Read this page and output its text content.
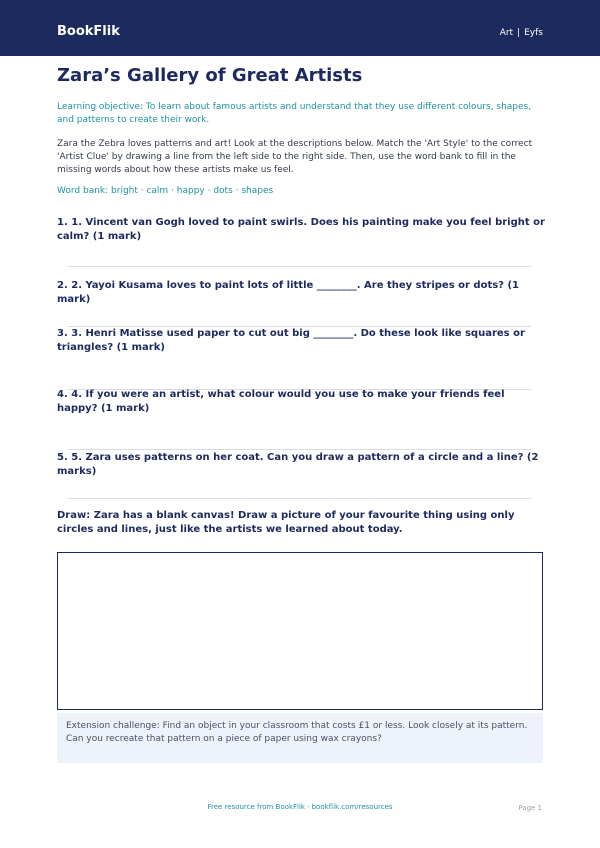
BookFlik	Art | Eyfs
Zara’s Gallery of Great Artists
Learning objective: To learn about famous artists and understand that they use different colours, shapes, and patterns to create their work.
Zara the Zebra loves patterns and art! Look at the descriptions below. Match the 'Art Style' to the correct 'Artist Clue' by drawing a line from the left side to the right side. Then, use the word bank to fill in the missing words about how these artists make us feel.
Word bank: bright · calm · happy · dots · shapes
1. 1. Vincent van Gogh loved to paint swirls. Does his painting make you feel bright or calm? (1 mark)
2. 2. Yayoi Kusama loves to paint lots of little ________. Are they stripes or dots? (1 mark)
3. 3. Henri Matisse used paper to cut out big ________. Do these look like squares or triangles? (1 mark)
4. 4. If you were an artist, what colour would you use to make your friends feel happy? (1 mark)
5. 5. Zara uses patterns on her coat. Can you draw a pattern of a circle and a line? (2 marks)
Draw: Zara has a blank canvas! Draw a picture of your favourite thing using only circles and lines, just like the artists we learned about today.
Extension challenge: Find an object in your classroom that costs £1 or less. Look closely at its pattern. Can you recreate that pattern on a piece of paper using wax crayons?
Free resource from BookFlik · bookflik.com/resources	Page 1
